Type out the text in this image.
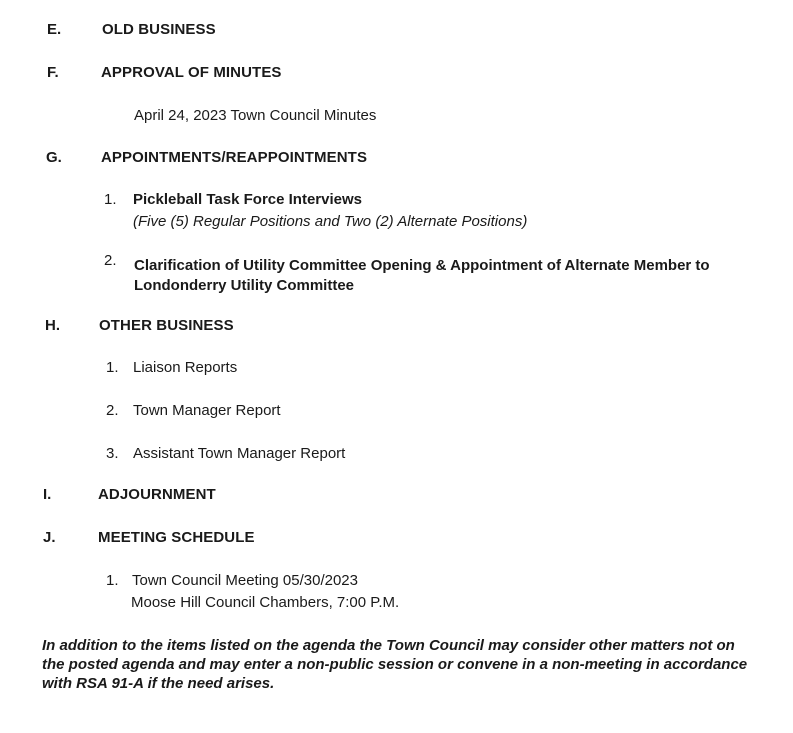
E.	OLD BUSINESS
F.	APPROVAL OF MINUTES
April 24, 2023 Town Council Minutes
G.	APPOINTMENTS/REAPPOINTMENTS
1. Pickleball Task Force Interviews
(Five (5) Regular Positions and Two (2) Alternate Positions)
2. Clarification of Utility Committee Opening & Appointment of Alternate Member to
Londonderry Utility Committee
H.	OTHER BUSINESS
1. Liaison Reports
2. Town Manager Report
3. Assistant Town Manager Report
I.	ADJOURNMENT
J.	MEETING SCHEDULE
1. Town Council Meeting 05/30/2023
Moose Hill Council Chambers, 7:00 P.M.
In addition to the items listed on the agenda the Town Council may consider other matters not on
the posted agenda and may enter a non-public session or convene in a non-meeting in accordance
with RSA 91-A if the need arises.
